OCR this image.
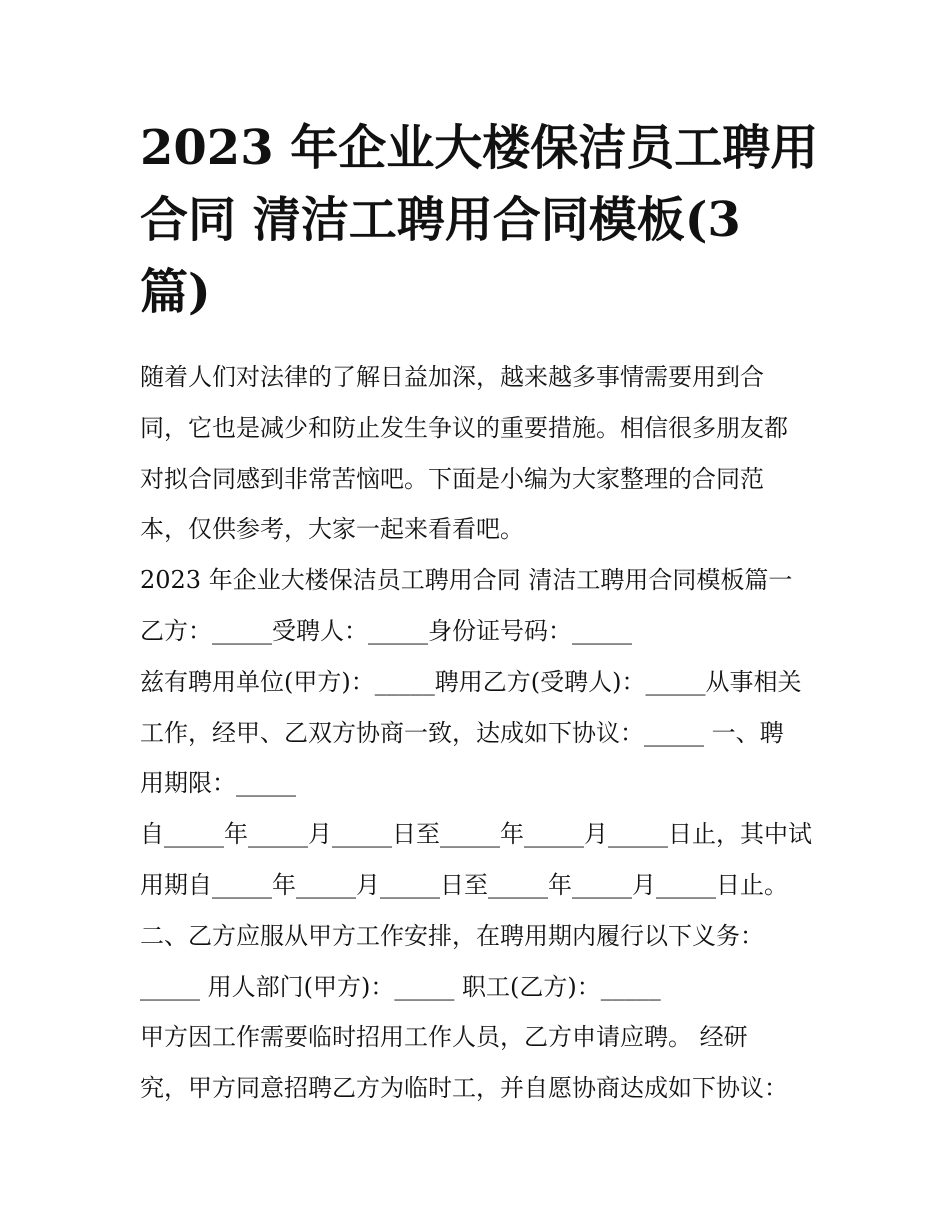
2023 年企业大楼保洁员工聘用
合同 清洁工聘用合同模板(3
篇)

随着人们对法律的了解日益加深，越来越多事情需要用到合

同，它也是减少和防止发生争议的重要措施。相信很多朋友都

对拟合同感到非常苦恼吧。下面是小编为大家整理的合同范

本，仅供参考，大家一起来看看吧。

2023 年企业大楼保洁员工聘用合同 清洁工聘用合同模板篇一

乙方：_____受聘人：_____身份证号码：_____

兹有聘用单位(甲方)：_____聘用乙方(受聘人)：_____从事相关

工作，经甲、乙双方协商一致，达成如下协议：_____ 一、聘

用期限：_____

自_____年_____月_____日至_____年_____月_____日止，其中试

用期自_____年_____月_____日至_____年_____月_____日止。

二、乙方应服从甲方工作安排，在聘用期内履行以下义务：

_____ 用人部门(甲方)：_____ 职工(乙方)：_____

甲方因工作需要临时招用工作人员，乙方申请应聘。 经研

究，甲方同意招聘乙方为临时工，并自愿协商达成如下协议：
